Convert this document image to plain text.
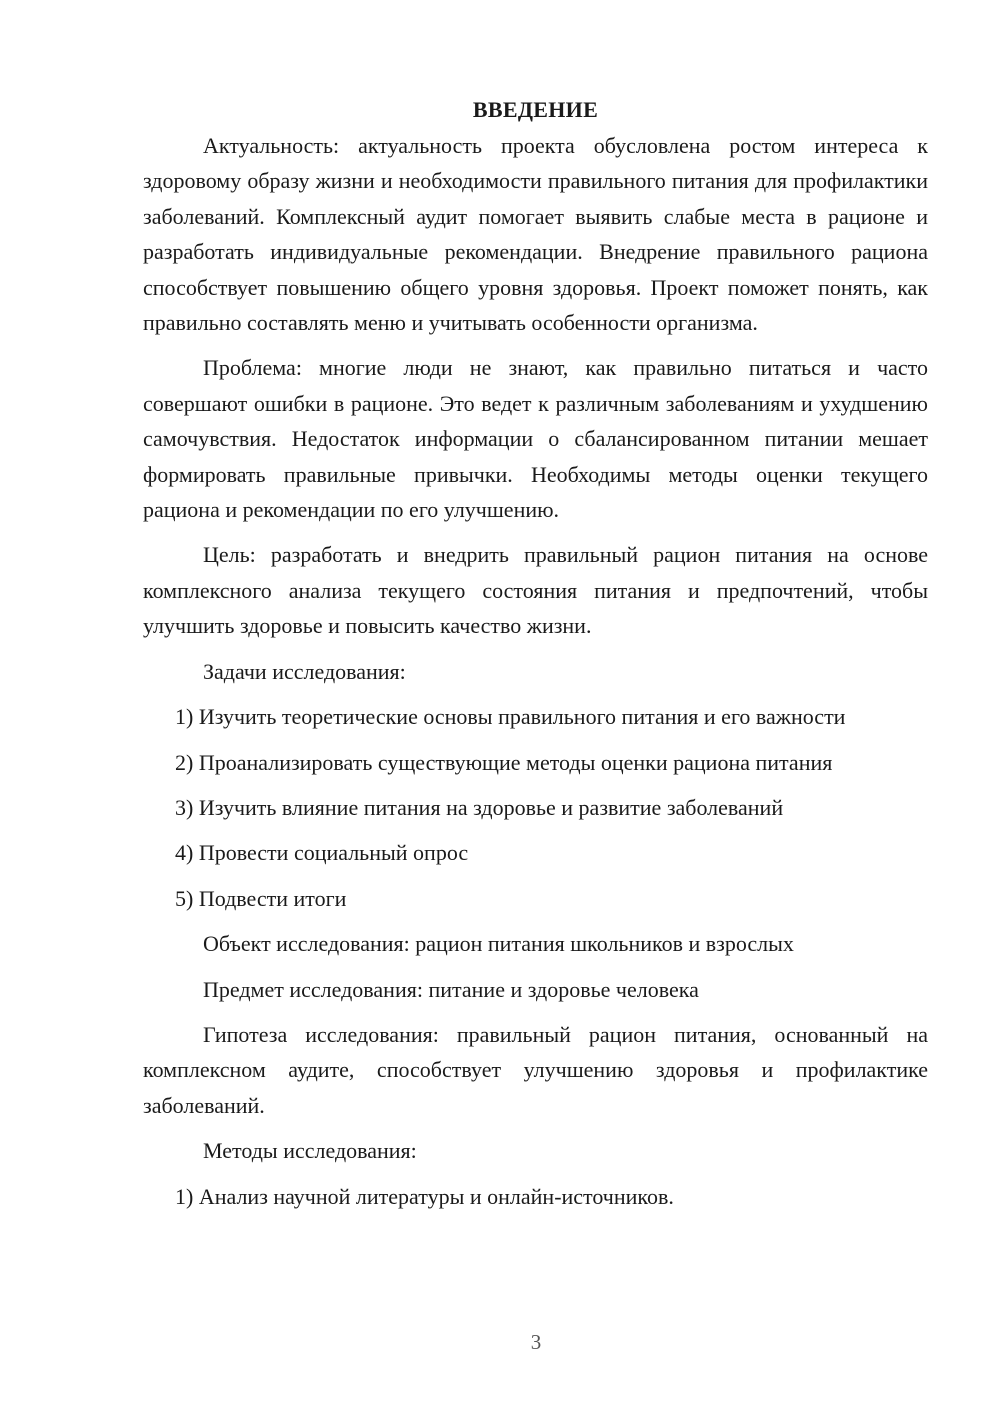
ВВЕДЕНИЕ

Актуальность: актуальность проекта обусловлена ростом интереса к здоровому образу жизни и необходимости правильного питания для профилактики заболеваний. Комплексный аудит помогает выявить слабые места в рационе и разработать индивидуальные рекомендации. Внедрение правильного рациона способствует повышению общего уровня здоровья. Проект поможет понять, как правильно составлять меню и учитывать особенности организма.

Проблема: многие люди не знают, как правильно питаться и часто совершают ошибки в рационе. Это ведет к различным заболеваниям и ухудшению самочувствия. Недостаток информации о сбалансированном питании мешает формировать правильные привычки. Необходимы методы оценки текущего рациона и рекомендации по его улучшению.

Цель: разработать и внедрить правильный рацион питания на основе комплексного анализа текущего состояния питания и предпочтений, чтобы улучшить здоровье и повысить качество жизни.

Задачи исследования:

1) Изучить теоретические основы правильного питания и его важности

2) Проанализировать существующие методы оценки рациона питания
3) Изучить влияние питания на здоровье и развитие заболеваний
4) Провести социальный опрос
5) Подвести итоги
Объект исследования: рацион питания школьников и взрослых
Предмет исследования: питание и здоровье человека

Гипотеза исследования: правильный рацион питания, основанный на комплексном аудите, способствует улучшению здоровья и профилактике заболеваний.

Методы исследования:
1) Анализ научной литературы и онлайн-источников.
3
